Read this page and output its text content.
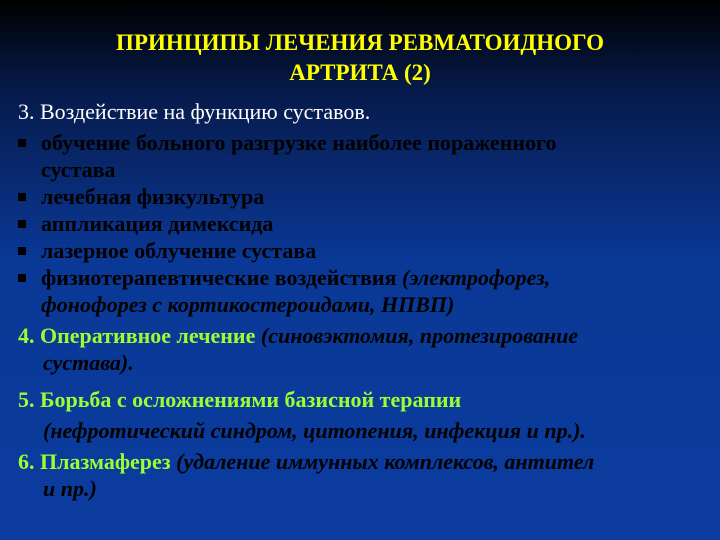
ПРИНЦИПЫ ЛЕЧЕНИЯ РЕВМАТОИДНОГО
АРТРИТА (2)
3. Воздействие на функцию суставов.
обучение больного разгрузке наиболее пораженного
сустава
лечебная физкультура
аппликация димексида
лазерное облучение сустава
физиотерапевтические воздействия (электрофорез,
фонофорез с кортикостероидами, НПВП)
4. Оперативное лечение (синовэктомия, протезирование
сустава).
5. Борьба с осложнениями базисной терапии
(нефротический синдром, цитопения, инфекция и пр.).
6. Плазмаферез (удаление иммунных комплексов, антител
и пр.)
